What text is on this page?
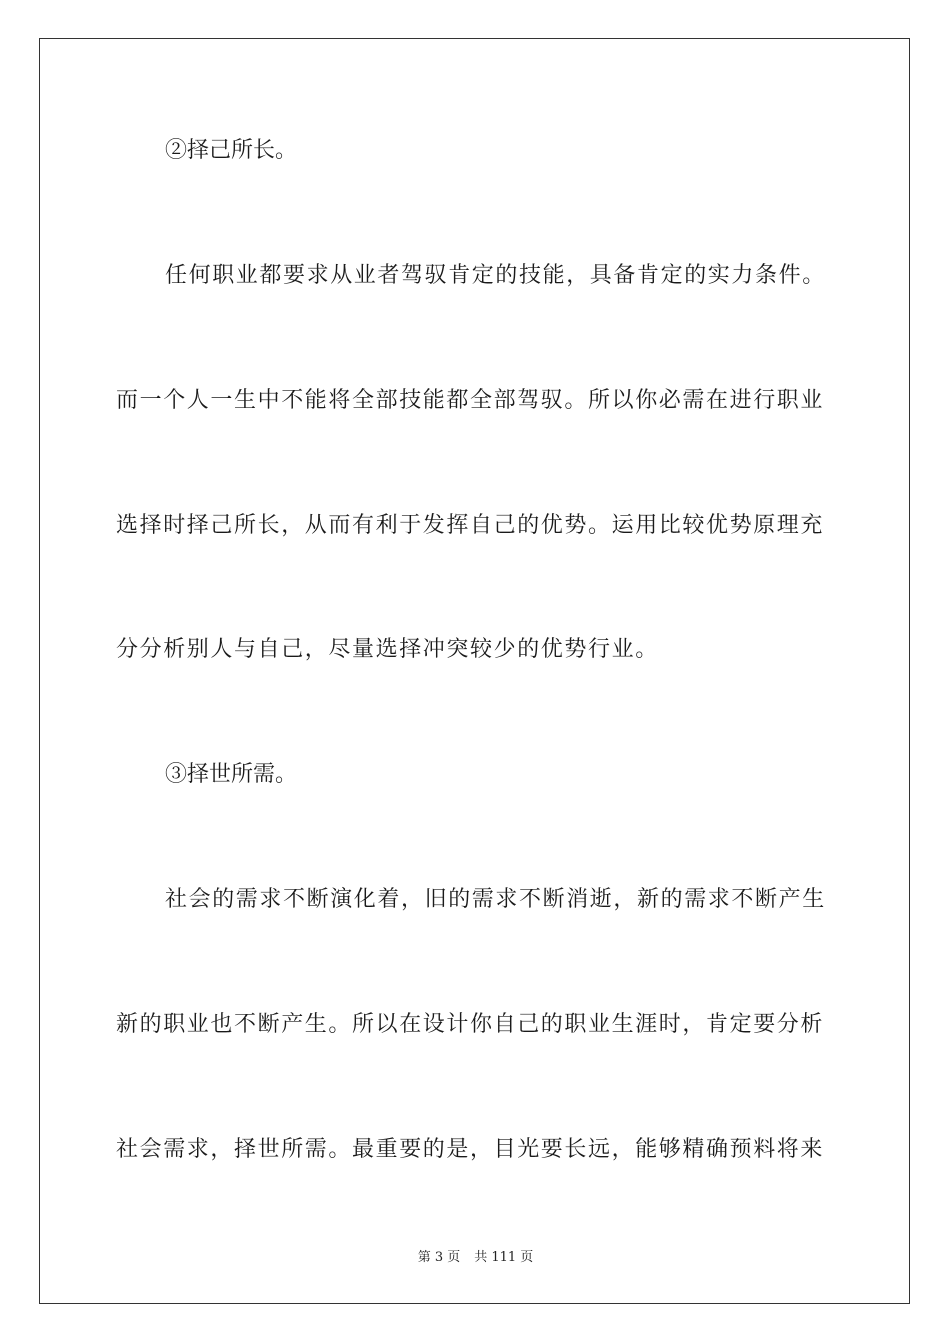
②择己所长。
任何职业都要求从业者驾驭肯定的技能，具备肯定的实力条件。
而一个人一生中不能将全部技能都全部驾驭。所以你必需在进行职业
选择时择己所长，从而有利于发挥自己的优势。运用比较优势原理充
分分析别人与自己，尽量选择冲突较少的优势行业。
③择世所需。
社会的需求不断演化着，旧的需求不断消逝，新的需求不断产生
新的职业也不断产生。所以在设计你自己的职业生涯时，肯定要分析
社会需求，择世所需。最重要的是，目光要长远，能够精确预料将来
第 3 页 共 111 页
